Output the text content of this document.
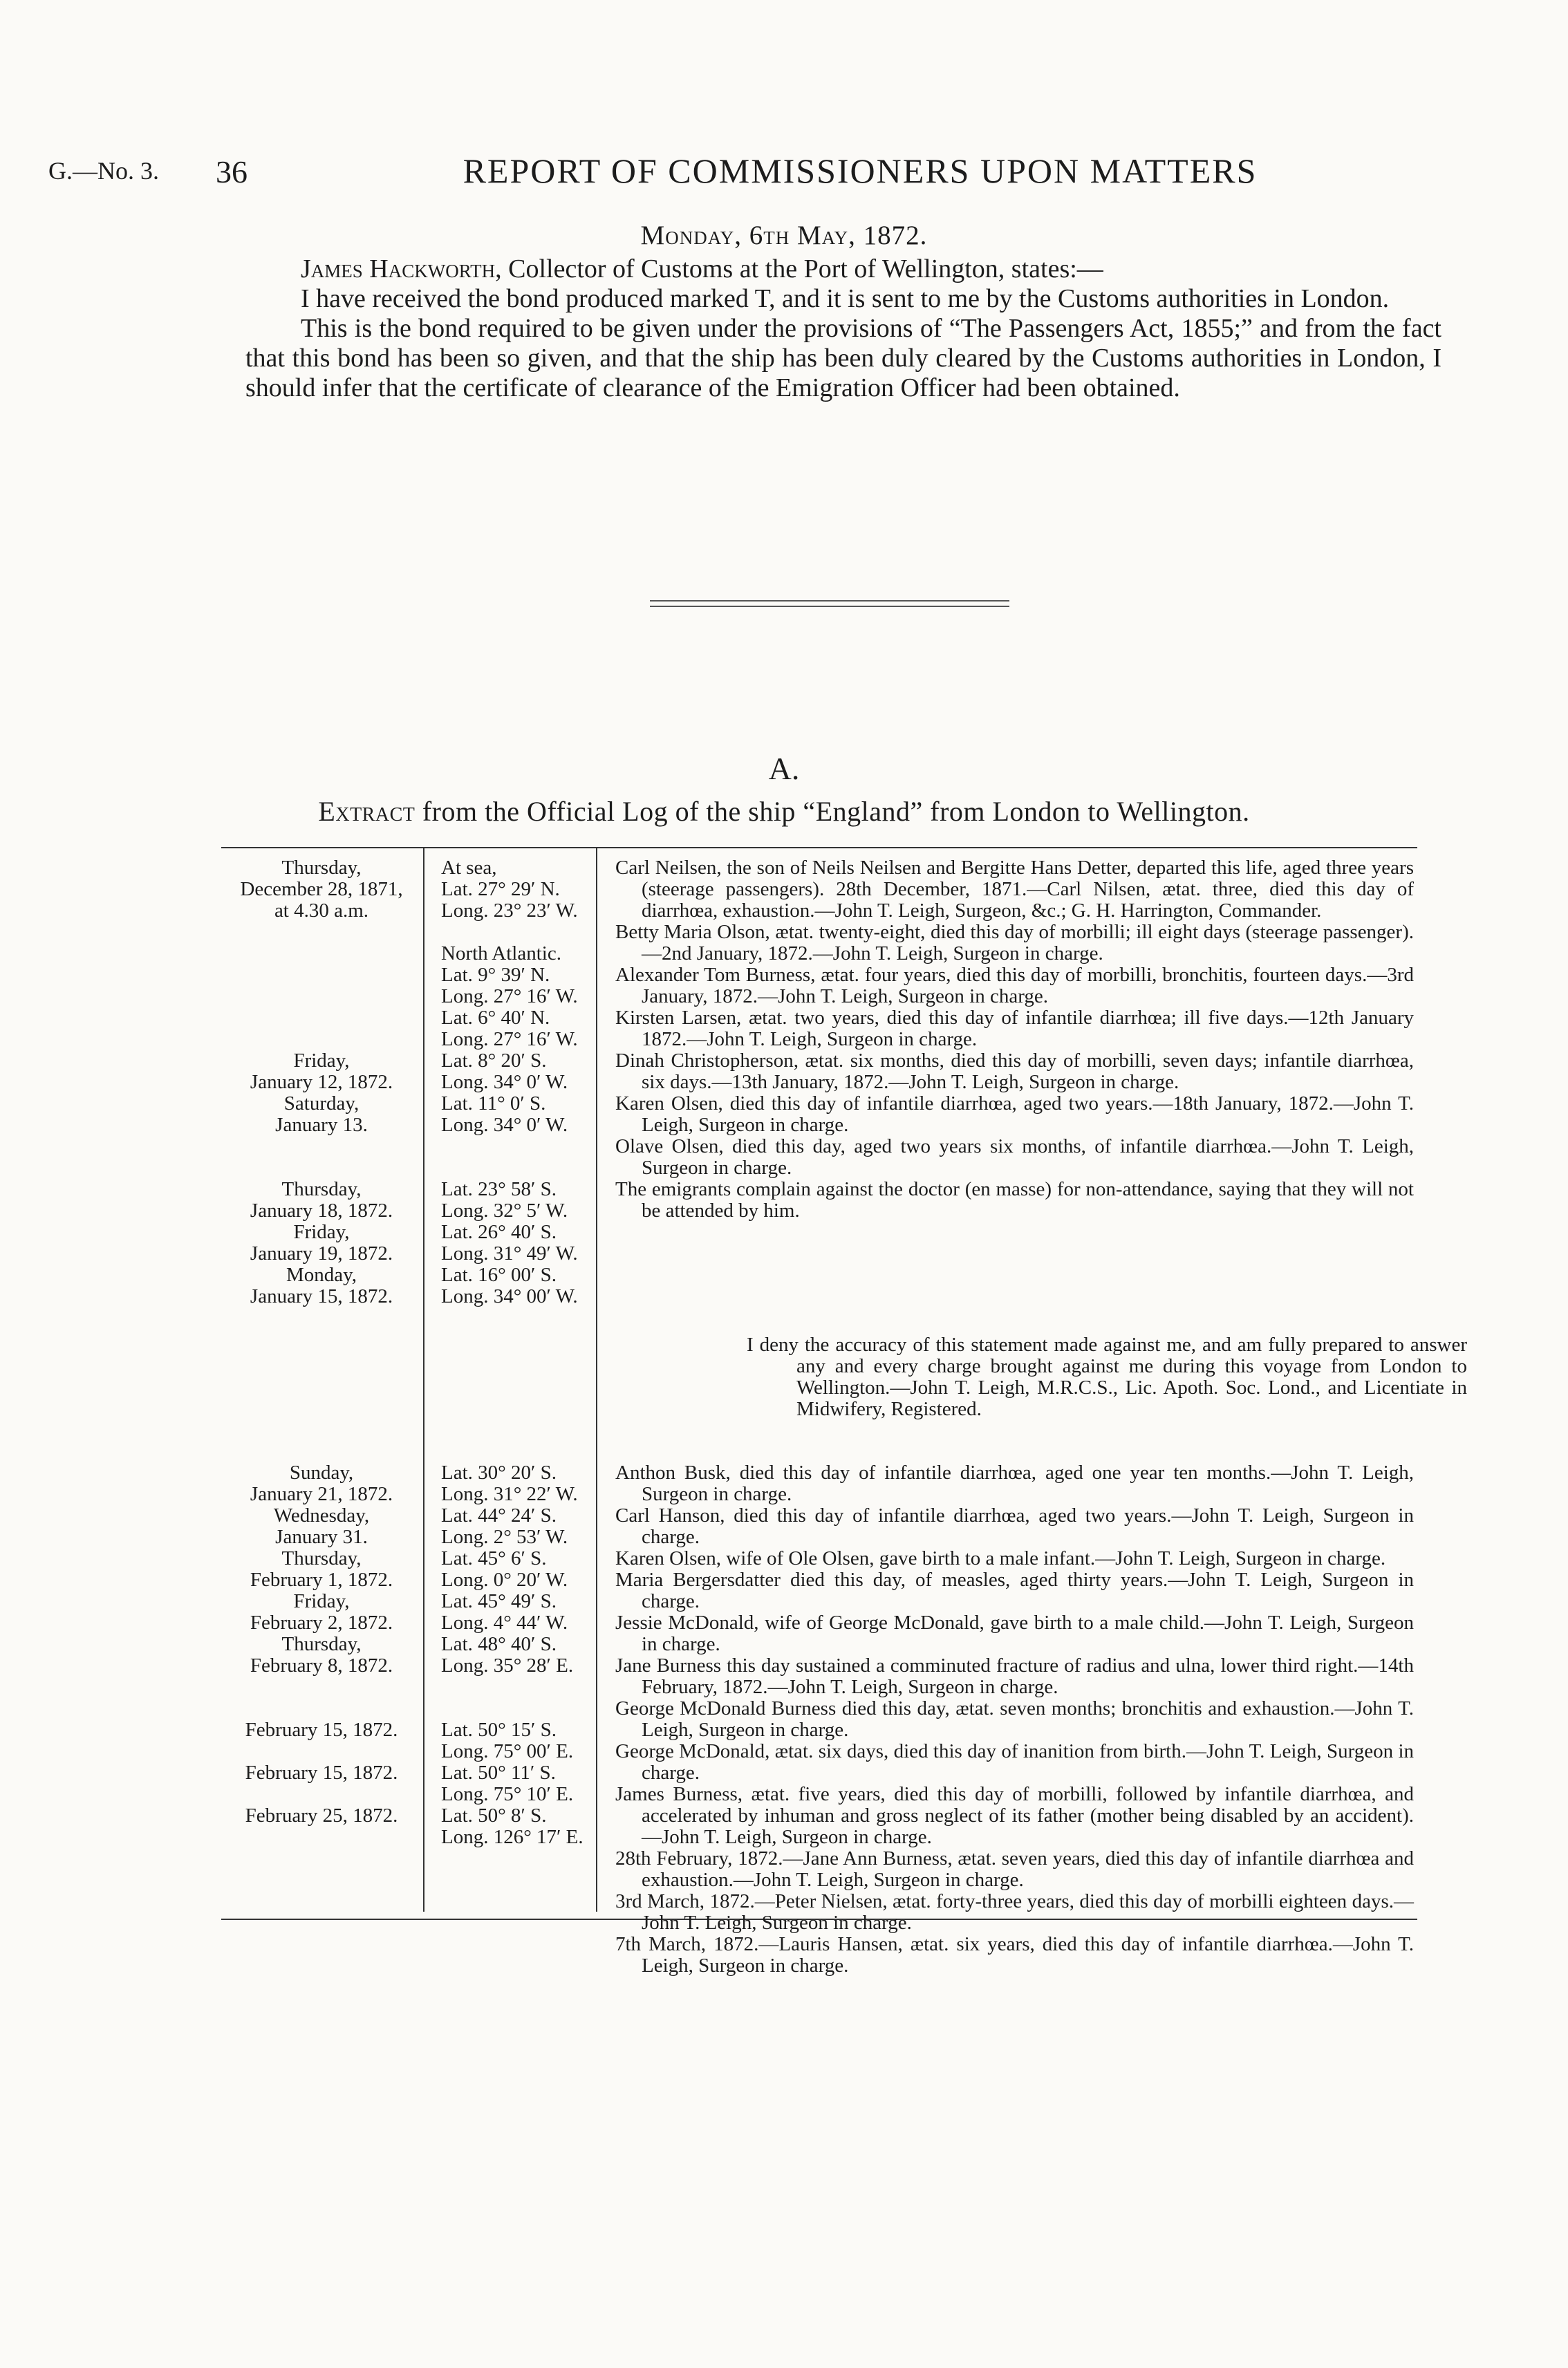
G.—No. 3. 36	REPORT OF COMMISSIONERS UPON MATTERS
Monday, 6th May, 1872.

James Hackworth, Collector of Customs at the Port of Wellington, states:—

I have received the bond produced marked T, and it is sent to me by the Customs authorities in London.

This is the bond required to be given under the provisions of “The Passengers Act, 1855;” and from the fact that this bond has been so given, and that the ship has been duly cleared by the Customs authorities in London, I should infer that the certificate of clearance of the Emigration Officer had been obtained.

A.
Extract from the Official Log of the ship “England” from London to Wellington.
Thursday,
December 28, 1871,
at 4.30 a.m.

Friday,
January 12, 1872.
Saturday,
January 13.

Thursday,
January 18, 1872.
Friday,
January 19, 1872.
Monday,
January 15, 1872.
At sea,
Lat. 27° 29′ N.
Long. 23° 23′ W.

North Atlantic.
Lat. 9° 39′ N.
Long. 27° 16′ W.
Lat. 6° 40′ N.
Long. 27° 16′ W.
Lat. 8° 20′ S.
Long. 34° 0′ W.
Lat. 11° 0′ S.
Long. 34° 0′ W.

Lat. 23° 58′ S.
Long. 32° 5′ W.
Lat. 26° 40′ S.
Long. 31° 49′ W.
Lat. 16° 00′ S.
Long. 34° 00′ W.
Carl Neilsen, the son of Neils Neilsen and Bergitte Hans Detter, departed this life, aged three years (steerage passengers). 28th December, 1871.—Carl Nilsen, ætat. three, died this day of diarrhœa, exhaustion.—John T. Leigh, Surgeon, &c.; G. H. Harrington, Commander.
Betty Maria Olson, ætat. twenty-eight, died this day of morbilli; ill eight days (steerage passenger).—2nd January, 1872.—John T. Leigh, Surgeon in charge.
Alexander Tom Burness, ætat. four years, died this day of morbilli, bronchitis, fourteen days.—3rd January, 1872.—John T. Leigh, Surgeon in charge.
Kirsten Larsen, ætat. two years, died this day of infantile diarrhœa; ill five days.—12th January 1872.—John T. Leigh, Surgeon in charge.
Dinah Christopherson, ætat. six months, died this day of morbilli, seven days; infantile diarrhœa, six days.—13th January, 1872.—John T. Leigh, Surgeon in charge.
Karen Olsen, died this day of infantile diarrhœa, aged two years.—18th January, 1872.—John T. Leigh, Surgeon in charge.
Olave Olsen, died this day, aged two years six months, of infantile diarrhœa.—John T. Leigh, Surgeon in charge.
The emigrants complain against the doctor (en masse) for non-attendance, saying that they will not be attended by him.
I deny the accuracy of this statement made against me, and am fully prepared to answer any and every charge brought against me during this voyage from London to Wellington.—John T. Leigh, M.R.C.S., Lic. Apoth. Soc. Lond., and Licentiate in Midwifery, Registered.
Sunday,
January 21, 1872.
Wednesday,
January 31.
Thursday,
February 1, 1872.
Friday,
February 2, 1872.
Thursday,
February 8, 1872.

February 15, 1872.

February 15, 1872.

February 25, 1872.
Lat. 30° 20′ S.
Long. 31° 22′ W.
Lat. 44° 24′ S.
Long. 2° 53′ W.
Lat. 45° 6′ S.
Long. 0° 20′ W.
Lat. 45° 49′ S.
Long. 4° 44′ W.
Lat. 48° 40′ S.
Long. 35° 28′ E.

Lat. 50° 15′ S.
Long. 75° 00′ E.
Lat. 50° 11′ S.
Long. 75° 10′ E.
Lat. 50° 8′ S.
Long. 126° 17′ E.
Anthon Busk, died this day of infantile diarrhœa, aged one year ten months.—John T. Leigh, Surgeon in charge.
Carl Hanson, died this day of infantile diarrhœa, aged two years.—John T. Leigh, Surgeon in charge.
Karen Olsen, wife of Ole Olsen, gave birth to a male infant.—John T. Leigh, Surgeon in charge.
Maria Bergersdatter died this day, of measles, aged thirty years.—John T. Leigh, Surgeon in charge.
Jessie McDonald, wife of George McDonald, gave birth to a male child.—John T. Leigh, Surgeon in charge.
Jane Burness this day sustained a comminuted fracture of radius and ulna, lower third right.—14th February, 1872.—John T. Leigh, Surgeon in charge.
George McDonald Burness died this day, ætat. seven months; bronchitis and exhaustion.—John T. Leigh, Surgeon in charge.
George McDonald, ætat. six days, died this day of inanition from birth.—John T. Leigh, Surgeon in charge.
James Burness, ætat. five years, died this day of morbilli, followed by infantile diarrhœa, and accelerated by inhuman and gross neglect of its father (mother being disabled by an accident).—John T. Leigh, Surgeon in charge.
28th February, 1872.—Jane Ann Burness, ætat. seven years, died this day of infantile diarrhœa and exhaustion.—John T. Leigh, Surgeon in charge.
3rd March, 1872.—Peter Nielsen, ætat. forty-three years, died this day of morbilli eighteen days.—John T. Leigh, Surgeon in charge.
7th March, 1872.—Lauris Hansen, ætat. six years, died this day of infantile diarrhœa.—John T. Leigh, Surgeon in charge.
